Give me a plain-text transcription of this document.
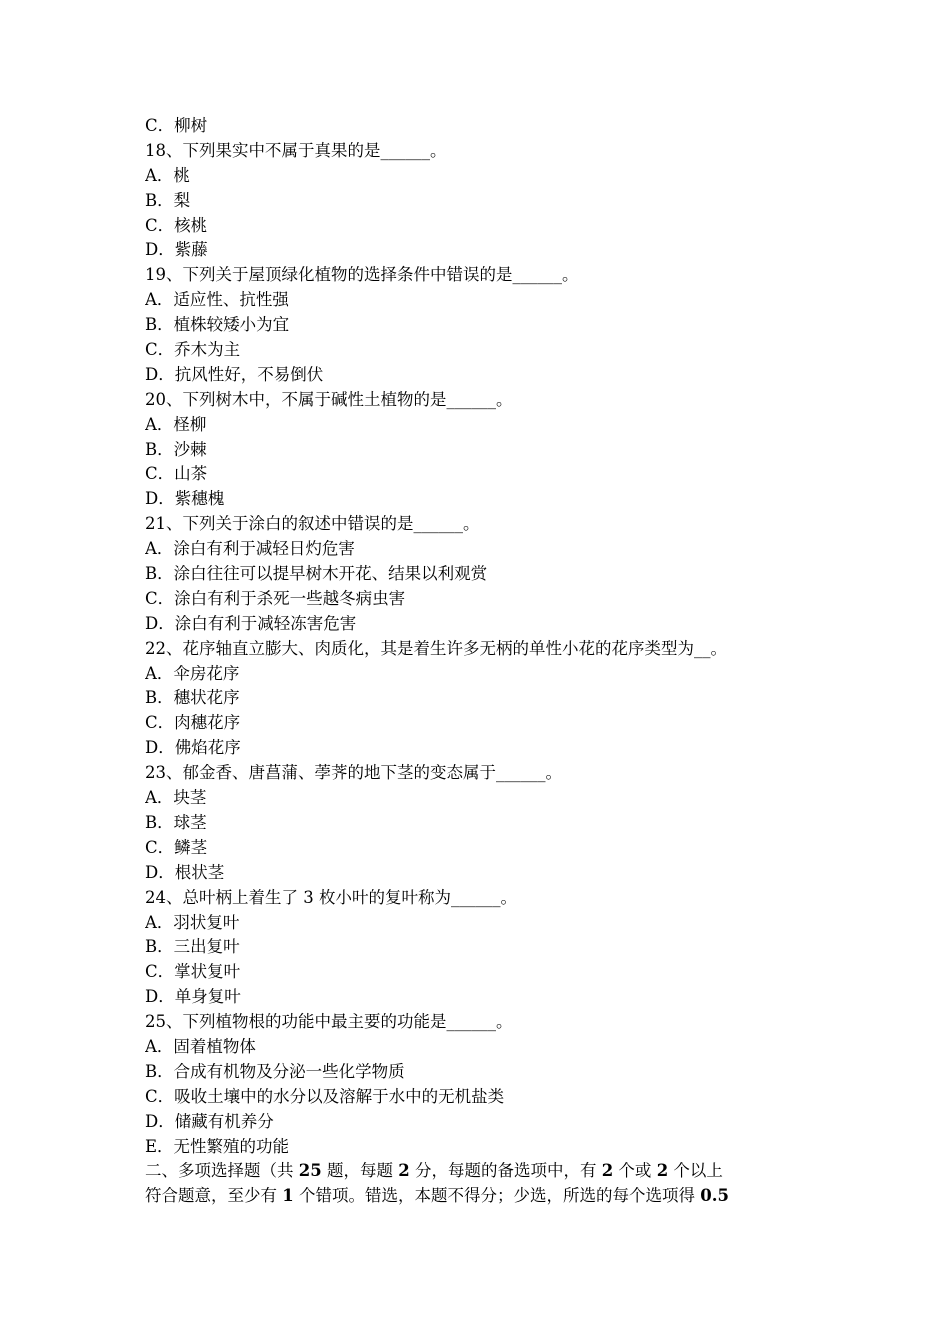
C．柳树
18、下列果实中不属于真果的是______。
A．桃
B．梨
C．核桃
D．紫藤
19、下列关于屋顶绿化植物的选择条件中错误的是______。
A．适应性、抗性强
B．植株较矮小为宜
C．乔木为主
D．抗风性好，不易倒伏
20、下列树木中，不属于碱性土植物的是______。
A．柽柳
B．沙棘
C．山茶
D．紫穗槐
21、下列关于涂白的叙述中错误的是______。
A．涂白有利于减轻日灼危害
B．涂白往往可以提早树木开花、结果以利观赏
C．涂白有利于杀死一些越冬病虫害
D．涂白有利于减轻冻害危害
22、花序轴直立膨大、肉质化，其是着生许多无柄的单性小花的花序类型为__。
A．伞房花序
B．穗状花序
C．肉穗花序
D．佛焰花序
23、郁金香、唐菖蒲、荸荠的地下茎的变态属于______。
A．块茎
B．球茎
C．鳞茎
D．根状茎
24、总叶柄上着生了 3 枚小叶的复叶称为______。
A．羽状复叶
B．三出复叶
C．掌状复叶
D．单身复叶
25、下列植物根的功能中最主要的功能是______。
A．固着植物体
B．合成有机物及分泌一些化学物质
C．吸收土壤中的水分以及溶解于水中的无机盐类
D．储藏有机养分
E．无性繁殖的功能
二、多项选择题（共 25 题，每题 2 分，每题的备选项中，有 2 个或 2 个以上
符合题意，至少有 1 个错项。错选，本题不得分；少选，所选的每个选项得 0.5
